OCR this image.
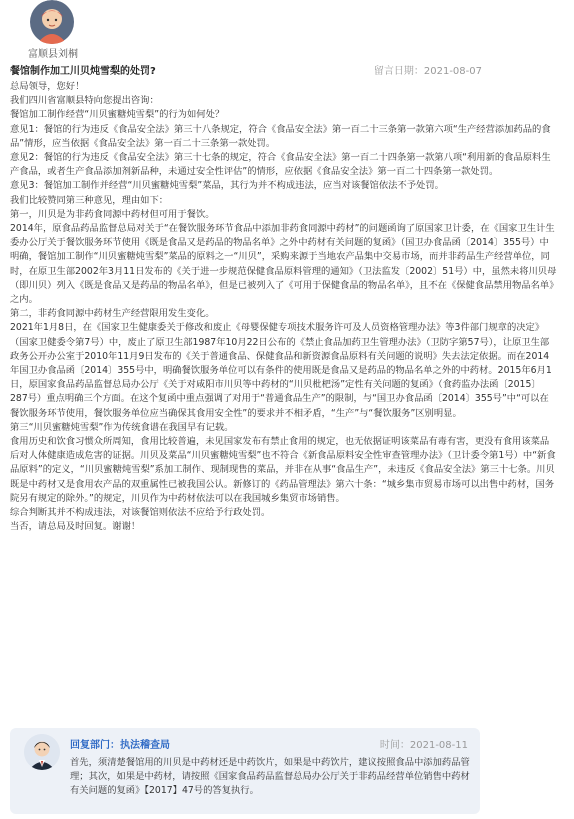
富顺县刘桐
餐馆制作加工川贝炖雪梨的处罚?	留言日期：2021-08-07

总局领导，您好！

我们四川省富顺县特向您提出咨询：

餐馆加工制作经营“川贝蜜糖炖雪梨”的行为如何处？

意见1：餐馆的行为违反《食品安全法》第三十八条规定，符合《食品安全法》第一百二十三条第一款第六项“生产经营添加药品的食品”情形，应当依据《食品安全法》第一百二十三条第一款处罚。

意见2：餐馆的行为违反《食品安全法》第三十七条的规定，符合《食品安全法》第一百二十四条第一款第八项“利用新的食品原料生产食品，或者生产食品添加剂新品种，未通过安全性评估”的情形，应依据《食品安全法》第一百二十四条第一款处罚。

意见3：餐馆加工制作并经营“川贝蜜糖炖雪梨”菜品，其行为并不构成违法，应当对该餐馆依法不予处罚。

我们比较赞同第三种意见，理由如下：

第一，川贝是为非药食同源中药材但可用于餐饮。

2014年，原食品药品监督总局对关于“在餐饮服务环节食品中添加非药食同源中药材”的问题函询了原国家卫计委，在《国家卫生计生委办公厅关于餐饮服务环节使用《既是食品又是药品的物品名单》之外中药材有关问题的复函》（国卫办食品函〔2014〕355号）中明确，餐馆加工制作“川贝蜜糖炖雪梨”菜品的原料之一“川贝”，采购来源于当地农产品集中交易市场，而并非药品生产经营单位，同时，在原卫生部2002年3月11日发布的《关于进一步规范保健食品原料管理的通知》（卫法监发〔2002〕51号）中，虽然未将川贝母（即川贝）列入《既是食品又是药品的物品名单》，但是已被列入了《可用于保健食品的物品名单》，且不在《保健食品禁用物品名单》之内。

第二，非药食同源中药材生产经营限用发生变化。

2021年1月8日，在《国家卫生健康委关于修改和废止《母婴保健专项技术服务许可及人员资格管理办法》等3件部门规章的决定》（国家卫健委令第7号）中，废止了原卫生部1987年10月22日公布的《禁止食品加药卫生管理办法》（卫防字第57号），让原卫生部政务公开办公室于2010年11月9日发布的《关于普通食品、保健食品和新资源食品原料有关问题的说明》失去法定依据。而在2014年国卫办食品函〔2014〕355号中，明确餐饮服务单位可以有条件的使用既是食品又是药品的物品名单之外的中药材。2015年6月1日，原国家食品药品监督总局办公厅《关于对咸阳市川贝等中药材的“川贝枇杷汤”定性有关问题的复函》（食药监办法函〔2015〕287号）重点明确三个方面。在这个复函中重点强调了对用于“普通食品生产”的限制，与“国卫办食品函〔2014〕355号”中“可以在餐饮服务环节使用，餐饮服务单位应当确保其食用安全性”的要求并不相矛盾，“生产”与“餐饮服务”区别明显。

第三“川贝蜜糖炖雪梨”作为传统食谱在我国早有记载。

食用历史和饮食习惯众所周知，食用比较普遍，未见国家发布有禁止食用的规定，也无依据证明该菜品有毒有害，更没有食用该菜品后对人体健康造成危害的证据。川贝及菜品“川贝蜜糖炖雪梨”也不符合《新食品原料安全性审查管理办法》（卫计委令第1号）中“新食品原料”的定义，“川贝蜜糖炖雪梨”系加工制作、现制现售的菜品，并非在从事“食品生产”，未违反《食品安全法》第三十七条。川贝既是中药材又是食用农产品的双重属性已被我国公认。新修订的《药品管理法》第六十条：“城乡集市贸易市场可以出售中药材，国务院另有规定的除外。”的规定，川贝作为中药材依法可以在我国城乡集贸市场销售。

综合判断其并不构成违法，对该餐馆则依法不应给予行政处罚。

当否，请总局及时回复。谢谢！

回复部门：执法稽查局	时间：2021-08-11
首先，须清楚餐馆用的川贝是中药材还是中药饮片，如果是中药饮片，建议按照食品中添加药品管理；其次，如果是中药材，请按照《国家食品药品监督总局办公厅关于非药品经营单位销售中药材有关问题的复函》【2017】47号的答复执行。
